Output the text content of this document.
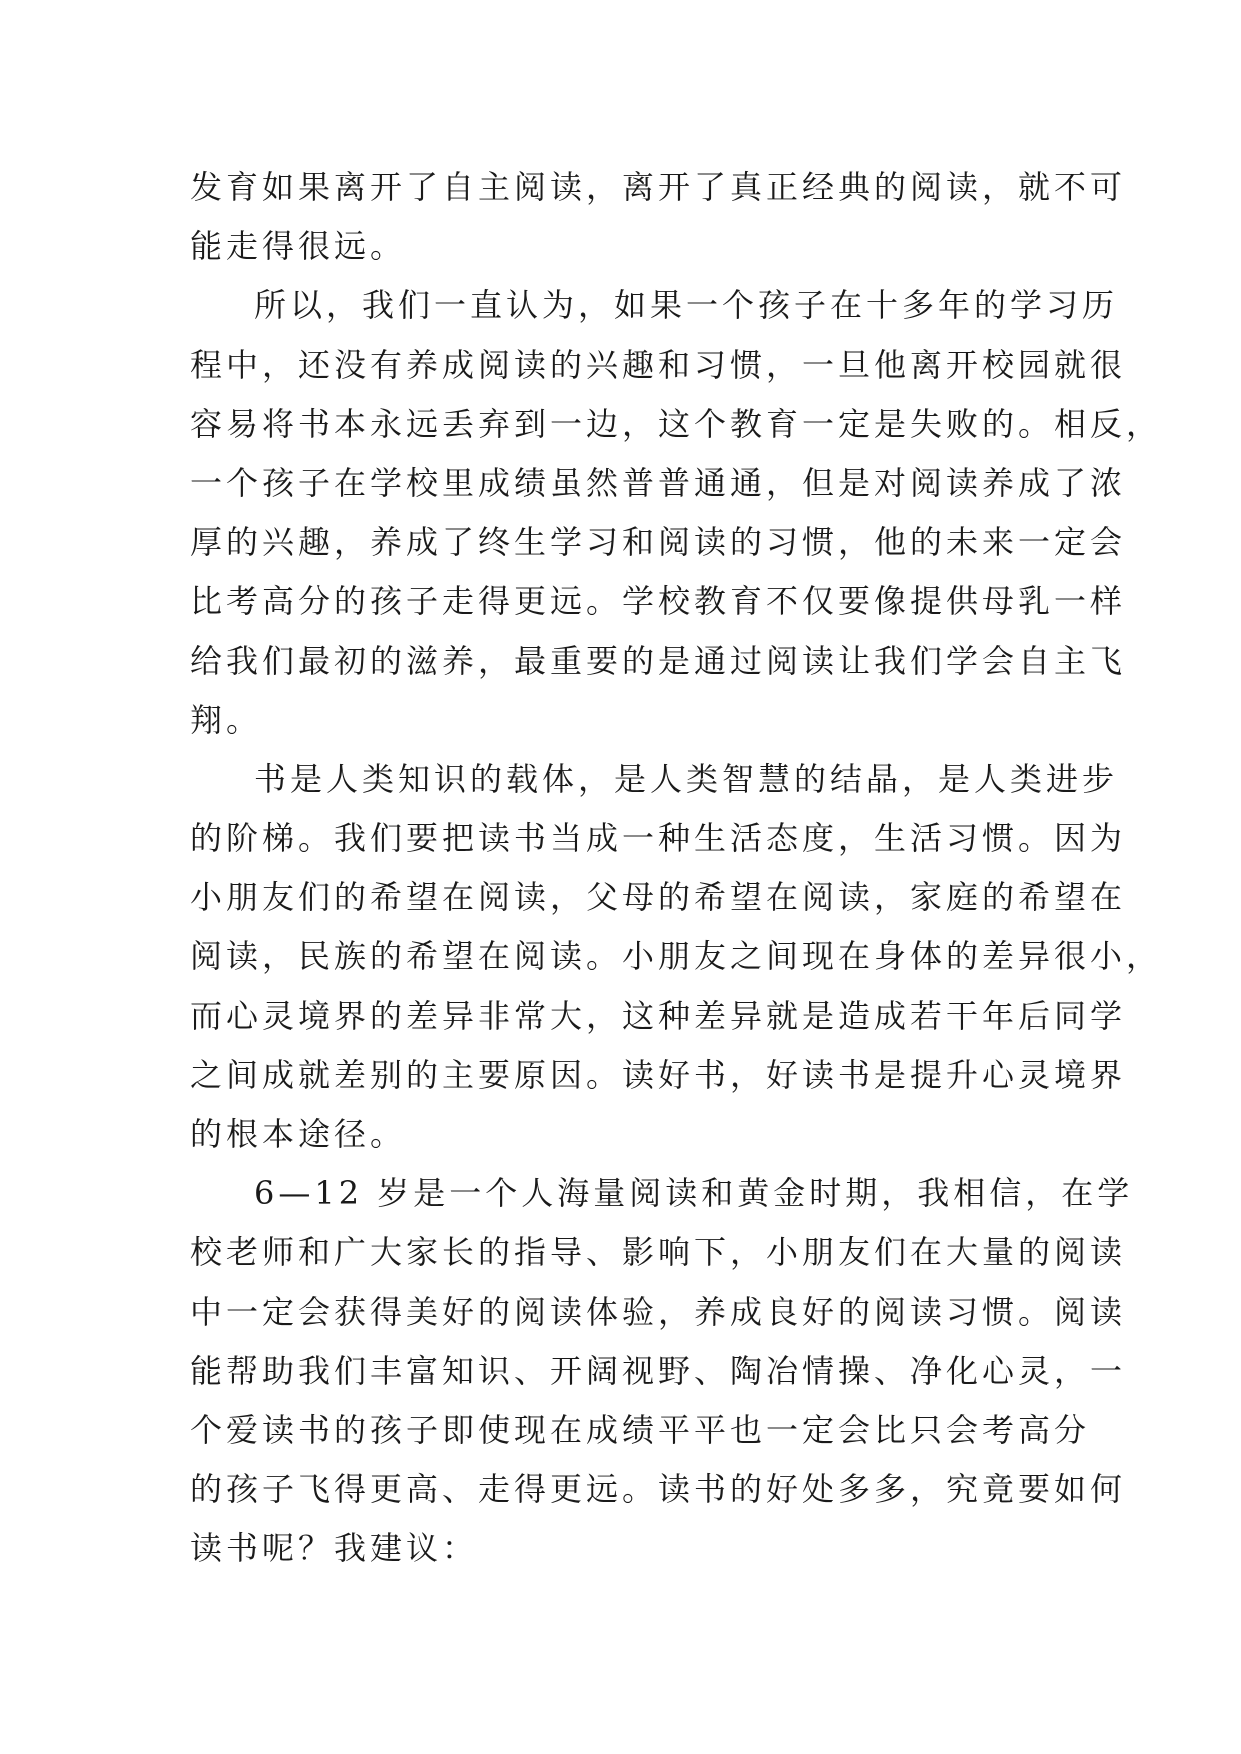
发育如果离开了自主阅读，离开了真正经典的阅读，就不可
能走得很远。
所以，我们一直认为，如果一个孩子在十多年的学习历
程中，还没有养成阅读的兴趣和习惯，一旦他离开校园就很
容易将书本永远丢弃到一边，这个教育一定是失败的。相反，
一个孩子在学校里成绩虽然普普通通，但是对阅读养成了浓
厚的兴趣，养成了终生学习和阅读的习惯，他的未来一定会
比考高分的孩子走得更远。学校教育不仅要像提供母乳一样
给我们最初的滋养，最重要的是通过阅读让我们学会自主飞
翔。
书是人类知识的载体，是人类智慧的结晶，是人类进步
的阶梯。我们要把读书当成一种生活态度，生活习惯。因为
小朋友们的希望在阅读，父母的希望在阅读，家庭的希望在
阅读，民族的希望在阅读。小朋友之间现在身体的差异很小，
而心灵境界的差异非常大，这种差异就是造成若干年后同学
之间成就差别的主要原因。读好书，好读书是提升心灵境界
的根本途径。
6—12 岁是一个人海量阅读和黄金时期，我相信，在学
校老师和广大家长的指导、影响下，小朋友们在大量的阅读
中一定会获得美好的阅读体验，养成良好的阅读习惯。阅读
能帮助我们丰富知识、开阔视野、陶冶情操、净化心灵，一
个爱读书的孩子即使现在成绩平平也一定会比只会考高分
的孩子飞得更高、走得更远。读书的好处多多，究竟要如何
读书呢？我建议：
